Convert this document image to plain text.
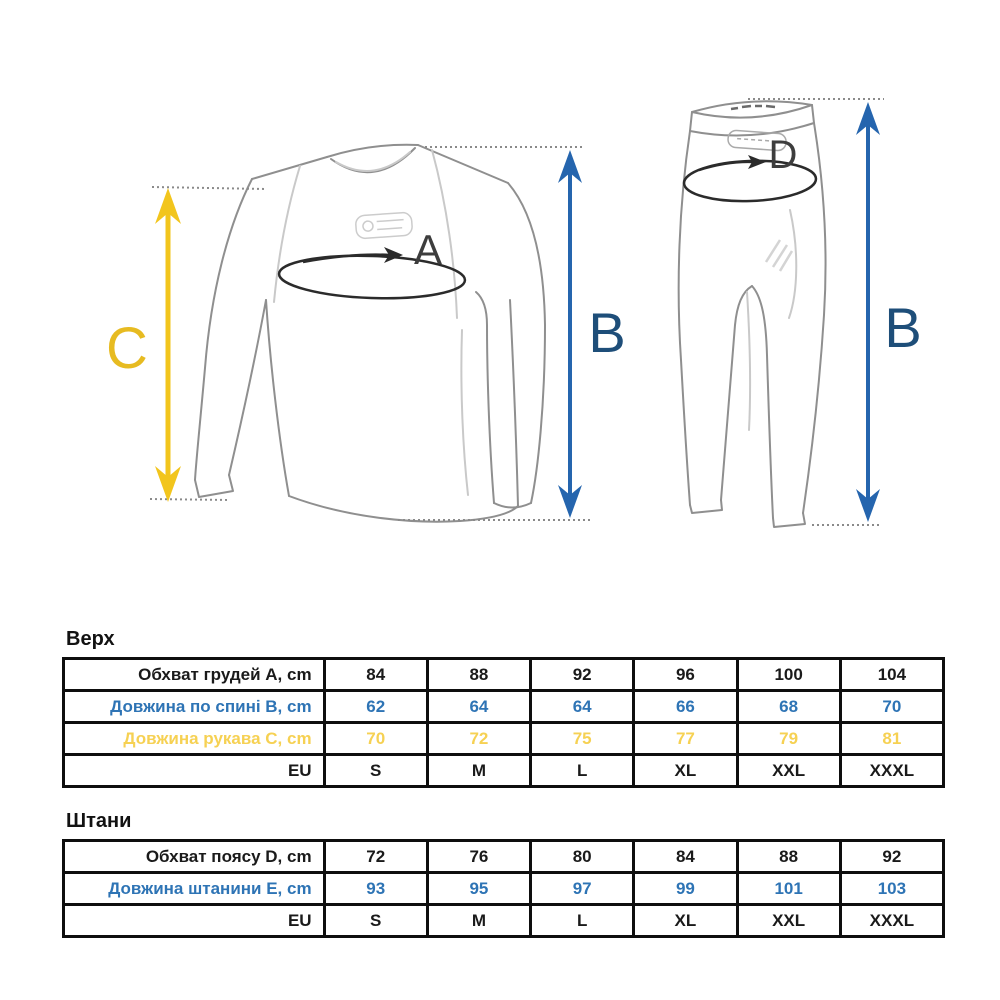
A
B
C
D
B
Верх
Обхват грудей A, cm	84	88	92	96	100	104
Довжина по спині B, cm	62	64	64	66	68	70
Довжина рукава C, cm	70	72	75	77	79	81
EU	S	M	L	XL	XXL	XXXL
Штани
Обхват поясу D, cm	72	76	80	84	88	92
Довжина штанини E, cm	93	95	97	99	101	103
EU	S	M	L	XL	XXL	XXXL
